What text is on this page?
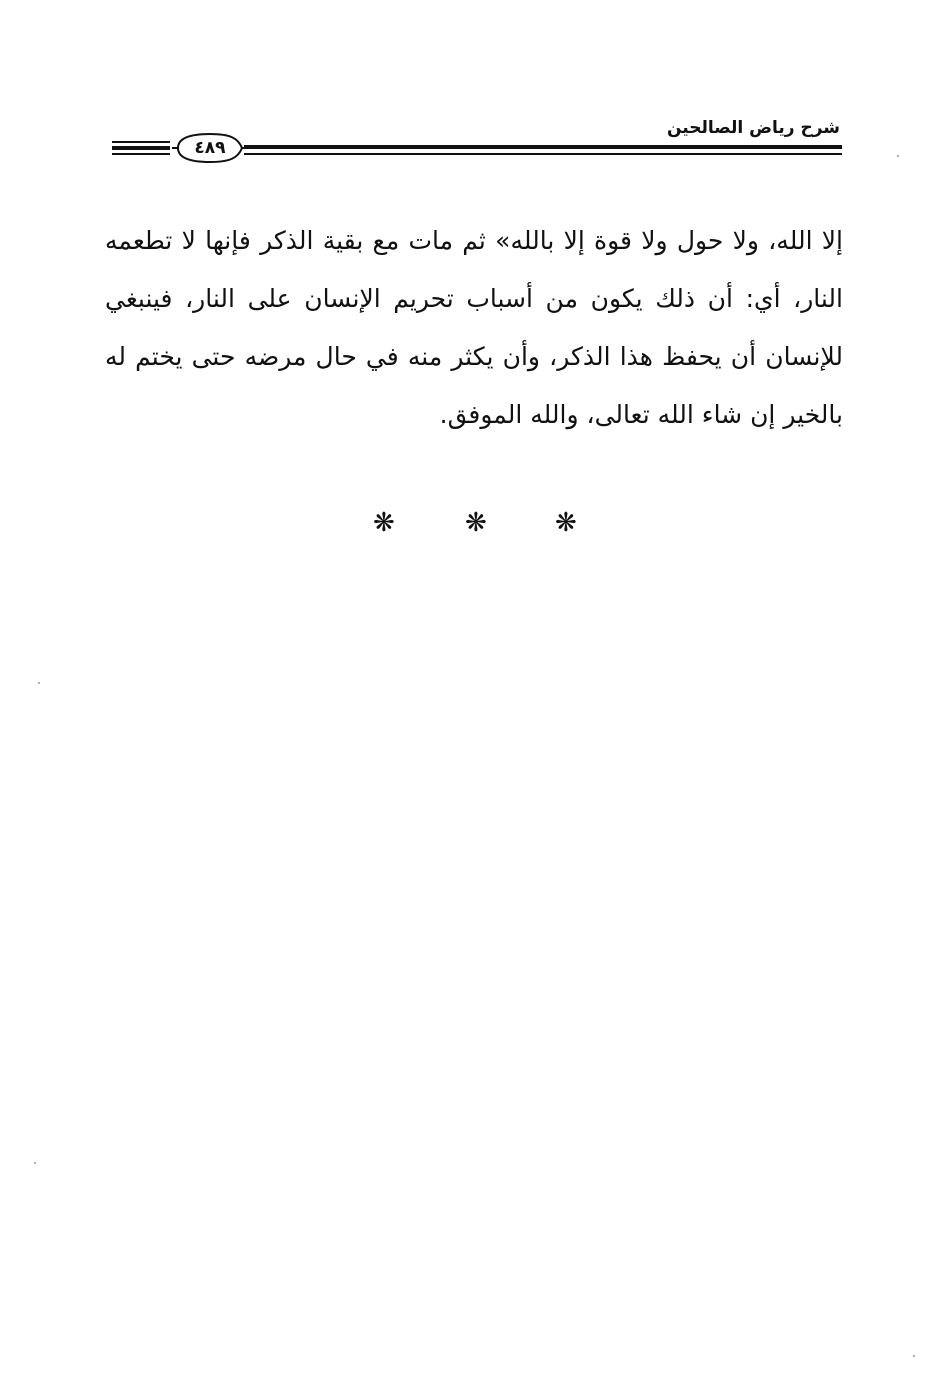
شرح رياض الصالحين
٤٨٩
إلا الله، ولا حول ولا قوة إلا بالله» ثم مات مع بقية الذكر فإنها لا تطعمه النار، أي: أن ذلك يكون من أسباب تحريم الإنسان على النار، فينبغي للإنسان أن يحفظ هذا الذكر، وأن يكثر منه في حال مرضه حتى يختم له بالخير إن شاء الله تعالى، والله الموفق.
❋
❋
❋
